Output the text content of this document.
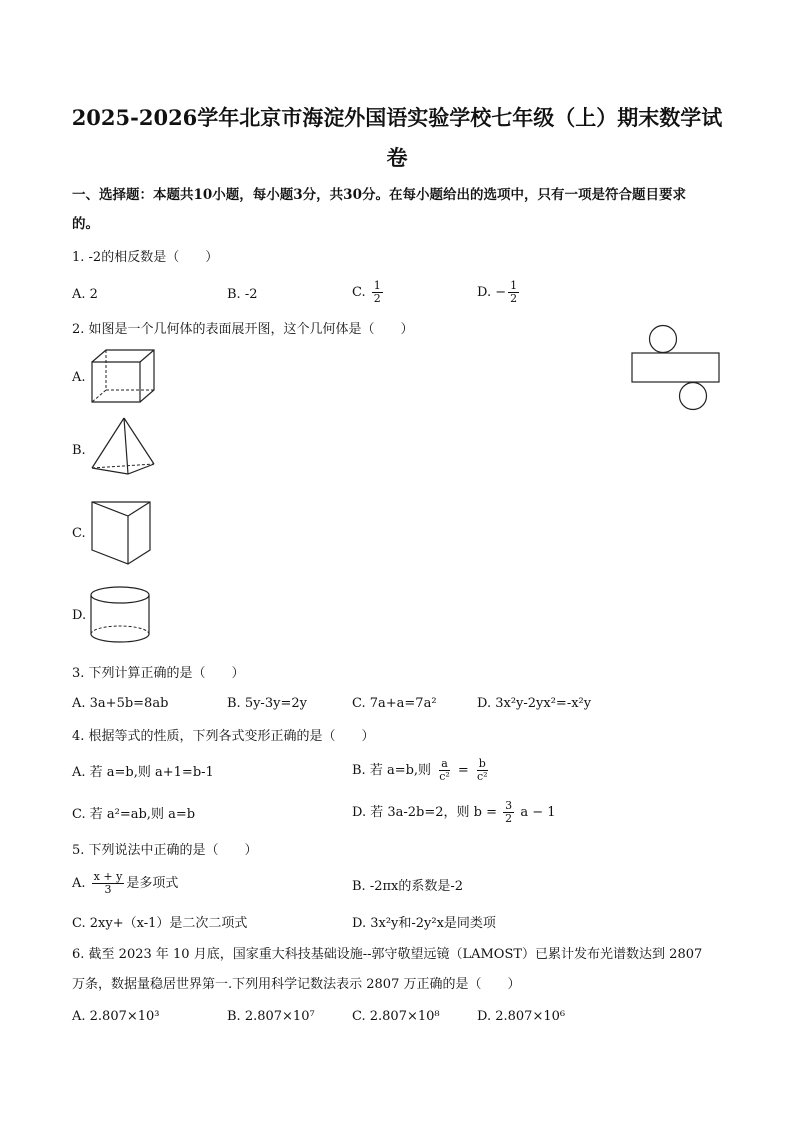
2025-2026学年北京市海淀外国语实验学校七年级（上）期末数学试
卷
一、选择题：本题共10小题，每小题3分，共30分。在每小题给出的选项中，只有一项是符合题目要求
的。
1. -2的相反数是（　　）
A. 2	B. -2	C. $\frac{1}{2}$	D. − $\frac{1}{2}$
2. 如图是一个几何体的表面展开图，这个几何体是（　　）
A.
B.
C.
D.
3. 下列计算正确的是（　　）
A. 3a+5b=8ab	B. 5y-3y=2y	C. 7a+a=7a²	D. 3x²y-2yx²=-x²y
4. 根据等式的性质，下列各式变形正确的是（　　）
A. 若 a=b,则 a+1=b-1	B. 若 a=b,则 $\frac{a}{\text{c²}} = \frac{b}{\text{c²}}$
C. 若 a²=ab,则 a=b	D. 若 3a-2b=2，则 $b = \frac{3}{2}$ a − 1
5. 下列说法中正确的是（　　）
A. $\frac{x + y}{3}$ 是多项式	B. -2πx的系数是-2
C. 2xy+（x-1）是二次二项式	D. 3x²y和-2y²x是同类项
6. 截至 2023 年 10 月底，国家重大科技基础设施--郭守敬望远镜（LAMOST）已累计发布光谱数达到 2807
万条，数据量稳居世界第一.下列用科学记数法表示 2807 万正确的是（　　）
A. 2.807×10³	B. 2.807×10⁷	C. 2.807×10⁸	D. 2.807×10⁶
